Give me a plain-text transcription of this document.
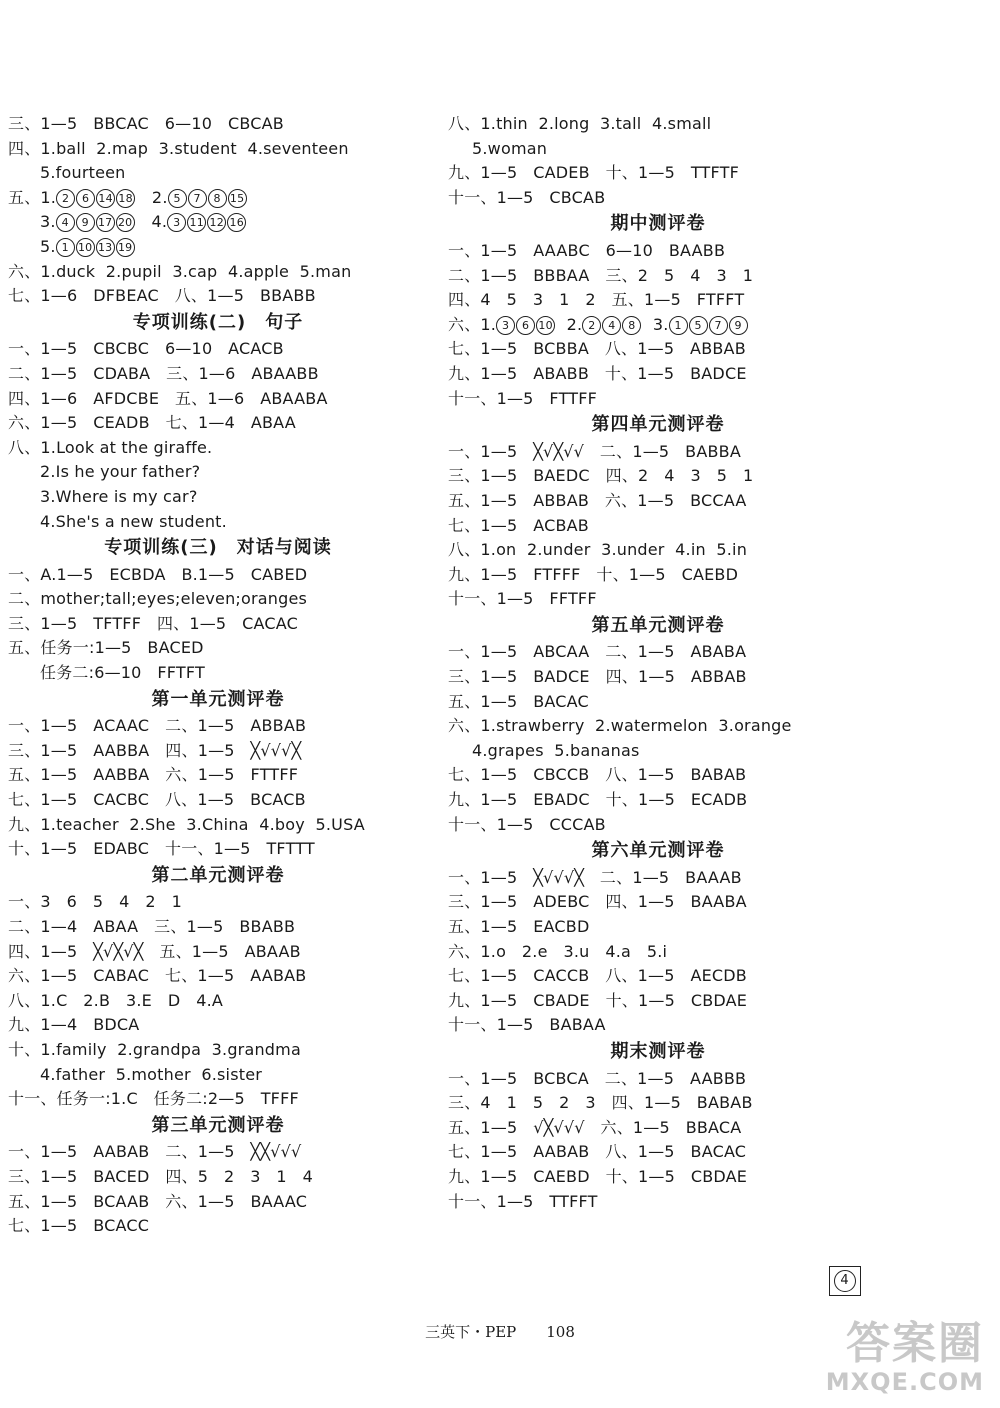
三、1—5   BBCAC   6—10   CBCAB
四、1.ball  2.map  3.student  4.seventeen
5.fourteen
五、1. 2 6 14 18   2. 5 7 8 15
3. 4 9 17 20   4. 3 11 12 16
5. 1 10 13 19
六、1.duck  2.pupil  3.cap  4.apple  5.man
七、1—6   DFBEAC   八、1—5   BBABB
专项训练(二)　句子
一、1—5   CBCBC   6—10   ACACB
二、1—5   CDABA   三、1—6   ABAABB
四、1—6   AFDCBE   五、1—6   ABAABA
六、1—5   CEADB   七、1—4   ABAA
八、1.Look at the giraffe.
2.Is he your father?
3.Where is my car?
4.She's a new student.
专项训练(三)　对话与阅读
一、A.1—5   ECBDA   B.1—5   CABED
二、mother;tall;eyes;eleven;oranges
三、1—5   TFTFF   四、1—5   CACAC
五、任务一:1—5   BACED
任务二:6—10   FFTFT
第一单元测评卷
一、1—5   ACAAC   二、1—5   ABBAB
三、1—5   AABBA   四、1—5   ╳√√√╳
五、1—5   AABBA   六、1—5   FTTFF
七、1—5   CACBC   八、1—5   BCACB
九、1.teacher  2.She  3.China  4.boy  5.USA
十、1—5   EDABC   十一、1—5   TFTTT
第二单元测评卷
一、3   6   5   4   2   1
二、1—4   ABAA   三、1—5   BBABB
四、1—5   ╳√╳√╳   五、1—5   ABAAB
六、1—5   CABAC   七、1—5   AABAB
八、1.C   2.B   3.E   D   4.A
九、1—4   BDCA
十、1.family  2.grandpa  3.grandma
4.father  5.mother  6.sister
十一、任务一:1.C   任务二:2—5   TFFF
第三单元测评卷
一、1—5   AABAB   二、1—5   ╳╳√√√
三、1—5   BACED   四、5   2   3   1   4
五、1—5   BCAAB   六、1—5   BAAAC
七、1—5   BCACC
八、1.thin  2.long  3.tall  4.small
5.woman
九、1—5   CADEB   十、1—5   TTFTF
十一、1—5   CBCAB
期中测评卷
一、1—5   AAABC   6—10   BAABB
二、1—5   BBBAA   三、2   5   4   3   1
四、4   5   3   1   2   五、1—5   FTFFT
六、1. 3 6 10  2. 2 4 8  3. 1 5 7 9
七、1—5   BCBBA   八、1—5   ABBAB
九、1—5   ABABB   十、1—5   BADCE
十一、1—5   FTTFF
第四单元测评卷
一、1—5   ╳√╳√√   二、1—5   BABBA
三、1—5   BAEDC   四、2   4   3   5   1
五、1—5   ABBAB   六、1—5   BCCAA
七、1—5   ACBAB
八、1.on  2.under  3.under  4.in  5.in
九、1—5   FTFFF   十、1—5   CAEBD
十一、1—5   FFTFF
第五单元测评卷
一、1—5   ABCAA   二、1—5   ABABA
三、1—5   BADCE   四、1—5   ABBAB
五、1—5   BACAC
六、1.strawberry  2.watermelon  3.orange
4.grapes  5.bananas
七、1—5   CBCCB   八、1—5   BABAB
九、1—5   EBADC   十、1—5   ECADB
十一、1—5   CCCAB
第六单元测评卷
一、1—5   ╳√√√╳   二、1—5   BAAAB
三、1—5   ADEBC   四、1—5   BAABA
五、1—5   EACBD
六、1.o   2.e   3.u   4.a   5.i
七、1—5   CACCB   八、1—5   AECDB
九、1—5   CBADE   十、1—5   CBDAE
十一、1—5   BABAA
期末测评卷
一、1—5   BCBCA   二、1—5   AABBB
三、4   1   5   2   3   四、1—5   BABAB
五、1—5   √╳√√√   六、1—5   BBACA
七、1—5   AABAB   八、1—5   BACAC
九、1—5   CAEBD   十、1—5   CBDAE
十一、1—5   TTFFT
4
三英下・PEP　　108	答案圈
MXQE.COM
